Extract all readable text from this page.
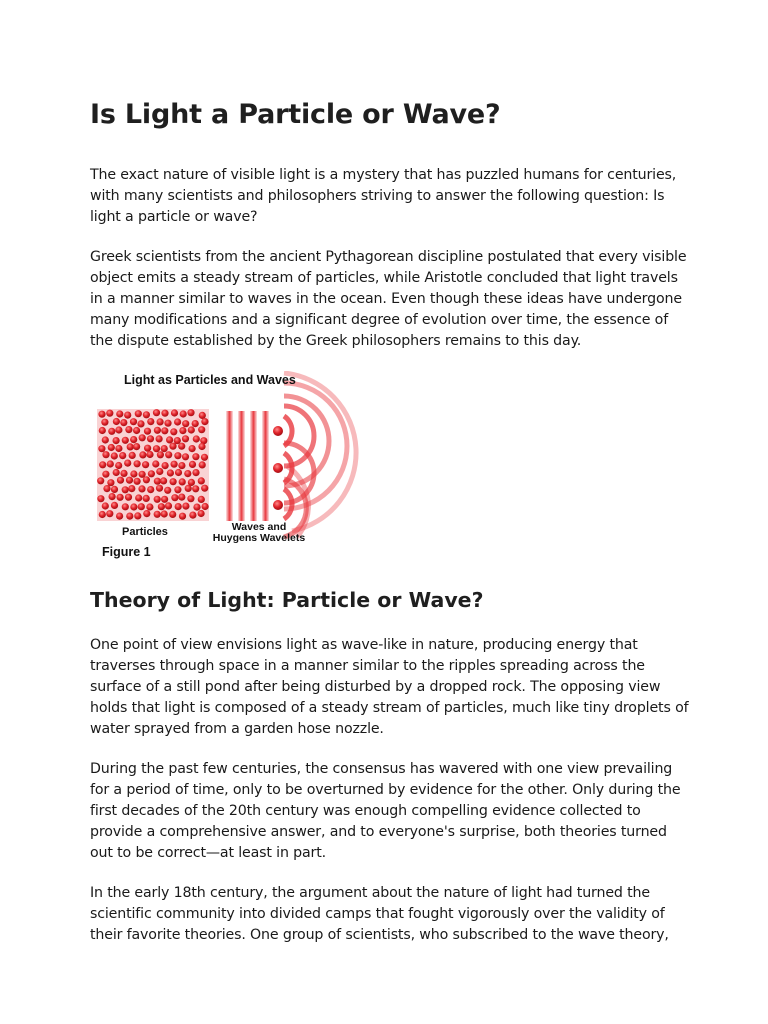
Is Light a Particle or Wave?

The exact nature of visible light is a mystery that has puzzled humans for centuries, with many scientists and philosophers striving to answer the following question: Is light a particle or wave?

Greek scientists from the ancient Pythagorean discipline postulated that every visible object emits a steady stream of particles, while Aristotle concluded that light travels in a manner similar to waves in the ocean. Even though these ideas have undergone many modifications and a significant degree of evolution over time, the essence of the dispute established by the Greek philosophers remains to this day.

Light as Particles and Waves
Particles	Waves and
Huygens Wavelets
Figure 1
Theory of Light: Particle or Wave?

One point of view envisions light as wave-like in nature, producing energy that traverses through space in a manner similar to the ripples spreading across the surface of a still pond after being disturbed by a dropped rock. The opposing view holds that light is composed of a steady stream of particles, much like tiny droplets of water sprayed from a garden hose nozzle.

During the past few centuries, the consensus has wavered with one view prevailing for a period of time, only to be overturned by evidence for the other. Only during the first decades of the 20th century was enough compelling evidence collected to provide a comprehensive answer, and to everyone's surprise, both theories turned out to be correct—at least in part.

In the early 18th century, the argument about the nature of light had turned the scientific community into divided camps that fought vigorously over the validity of their favorite theories. One group of scientists, who subscribed to the wave theory,
